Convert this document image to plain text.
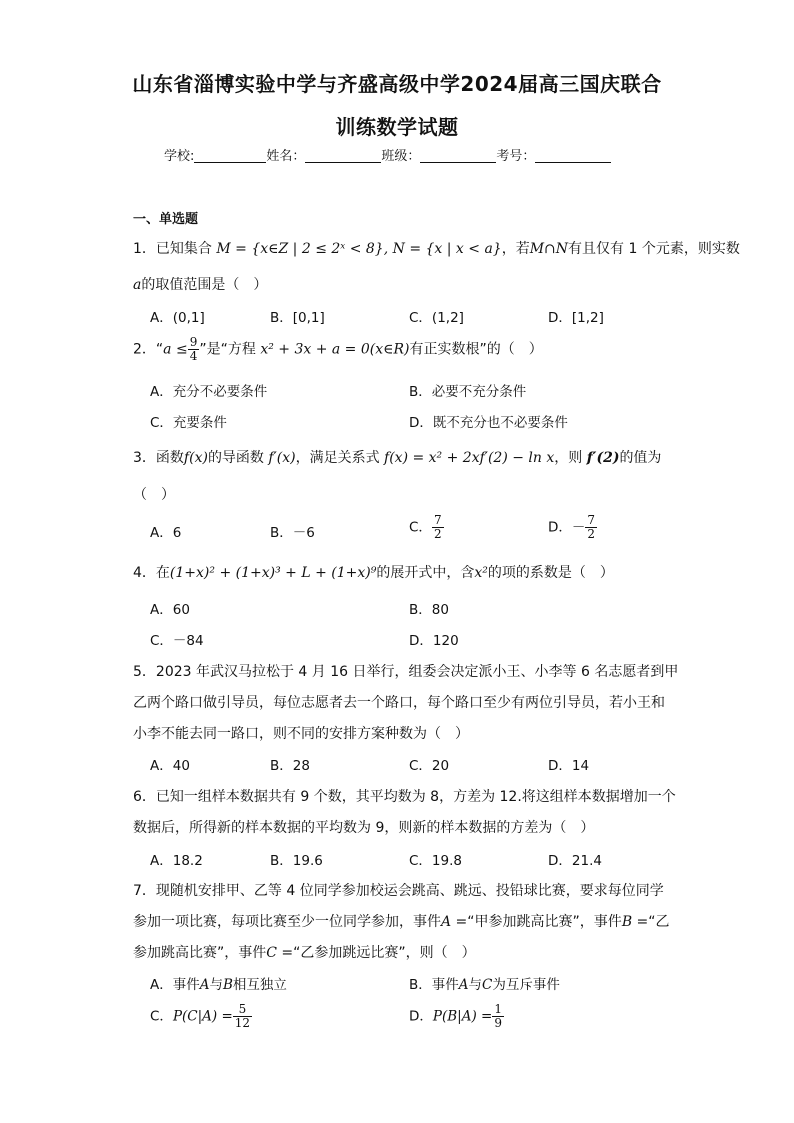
山东省淄博实验中学与齐盛高级中学2024届高三国庆联合
训练数学试题
学校:	姓名：	班级：	考号：
一、单选题
1．已知集合 M = {x∈Z | 2 ≤ 2ˣ < 8}, N = {x | x < a}，若M∩N有且仅有 1 个元素，则实数
a的取值范围是（　）
A．(0,1]	B．[0,1]	C．(1,2]	D．[1,2]
2．“$a \le \frac{9}{4}$ ”是“方程 x² + 3x + a = 0(x∈R)有正实数根”的（　）
A．充分不必要条件	B．必要不充分条件
C．充要条件	D．既不充分也不必要条件
3．函数f(x)的导函数 f′(x)，满足关系式 f(x) = x² + 2xf′(2) − ln x，则 f′(2)的值为
（　）
A．6	B．－6	C． $\frac{7}{2}$	D．－ $\frac{7}{2}$
4．在(1+x)² + (1+x)³ + L + (1+x)⁹的展开式中，含x²的项的系数是（　）
A．60	B．80
C．－84	D．120
5．2023 年武汉马拉松于 4 月 16 日举行，组委会决定派小王、小李等 6 名志愿者到甲
乙两个路口做引导员，每位志愿者去一个路口，每个路口至少有两位引导员，若小王和
小李不能去同一路口，则不同的安排方案种数为（　）
A．40	B．28	C．20	D．14
6．已知一组样本数据共有 9 个数，其平均数为 8，方差为 12.将这组样本数据增加一个
数据后，所得新的样本数据的平均数为 9，则新的样本数据的方差为（　）
A．18.2	B．19.6	C．19.8	D．21.4
7．现随机安排甲、乙等 4 位同学参加校运会跳高、跳远、投铅球比赛，要求每位同学
参加一项比赛，每项比赛至少一位同学参加，事件A =“甲参加跳高比赛”，事件B =“乙
参加跳高比赛”，事件C =“乙参加跳远比赛”，则（　）
A．事件A与B相互独立	B．事件A与C为互斥事件
C．$P(C|A) = \frac{5}{12}$	D．$P(B|A) = \frac{1}{9}$
